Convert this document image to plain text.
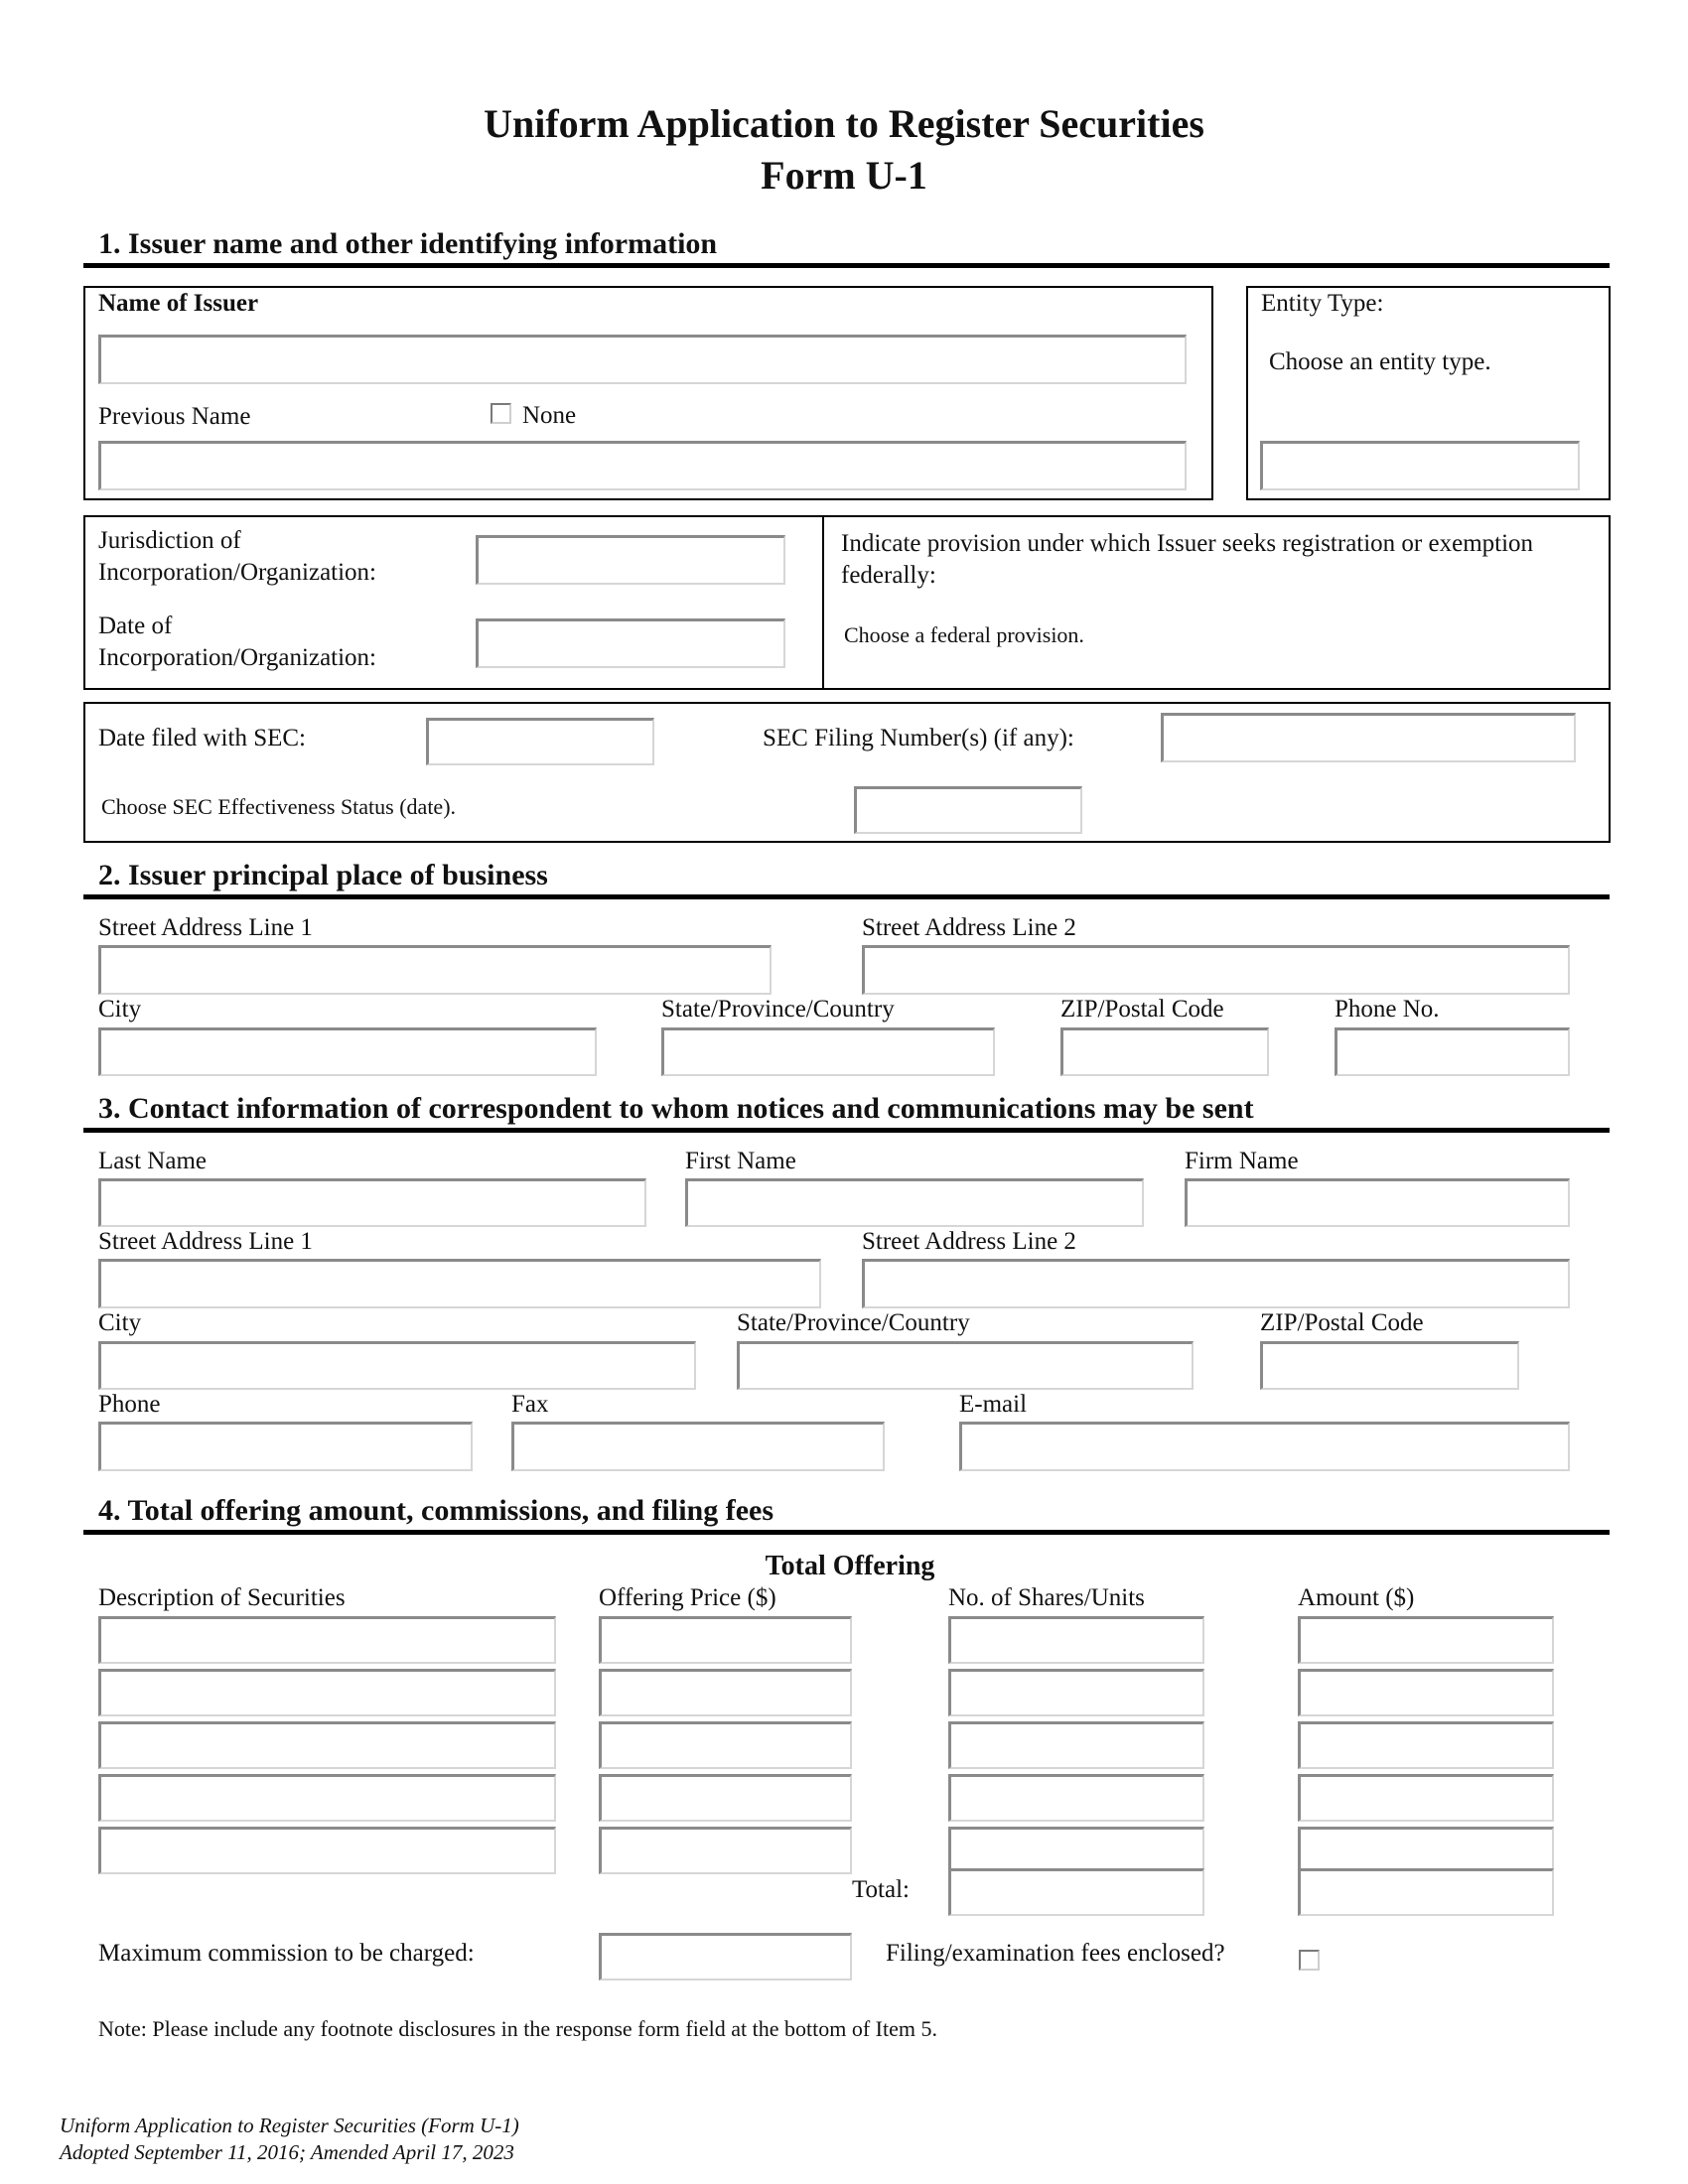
Uniform Application to Register Securities
Form U-1
1. Issuer name and other identifying information
Name of Issuer
Previous Name	None
Entity Type:
Choose an entity type.
Jurisdiction of Incorporation/Organization:
Date of Incorporation/Organization:
Indicate provision under which Issuer seeks registration or exemption federally:
Choose a federal provision.
Date filed with SEC:	SEC Filing Number(s) (if any):
Choose SEC Effectiveness Status (date).
2. Issuer principal place of business
Street Address Line 1	Street Address Line 2
City	State/Province/Country	ZIP/Postal Code	Phone No.
3. Contact information of correspondent to whom notices and communications may be sent
Last Name	First Name	Firm Name
Street Address Line 1	Street Address Line 2
City	State/Province/Country	ZIP/Postal Code
Phone	Fax	E-mail
4. Total offering amount, commissions, and filing fees
Total Offering
Description of Securities	Offering Price ($)	No. of Shares/Units	Amount ($)
Total:
Maximum commission to be charged:	Filing/examination fees enclosed?
Note: Please include any footnote disclosures in the response form field at the bottom of Item 5.
Uniform Application to Register Securities (Form U-1)
Adopted September 11, 2016; Amended April 17, 2023
